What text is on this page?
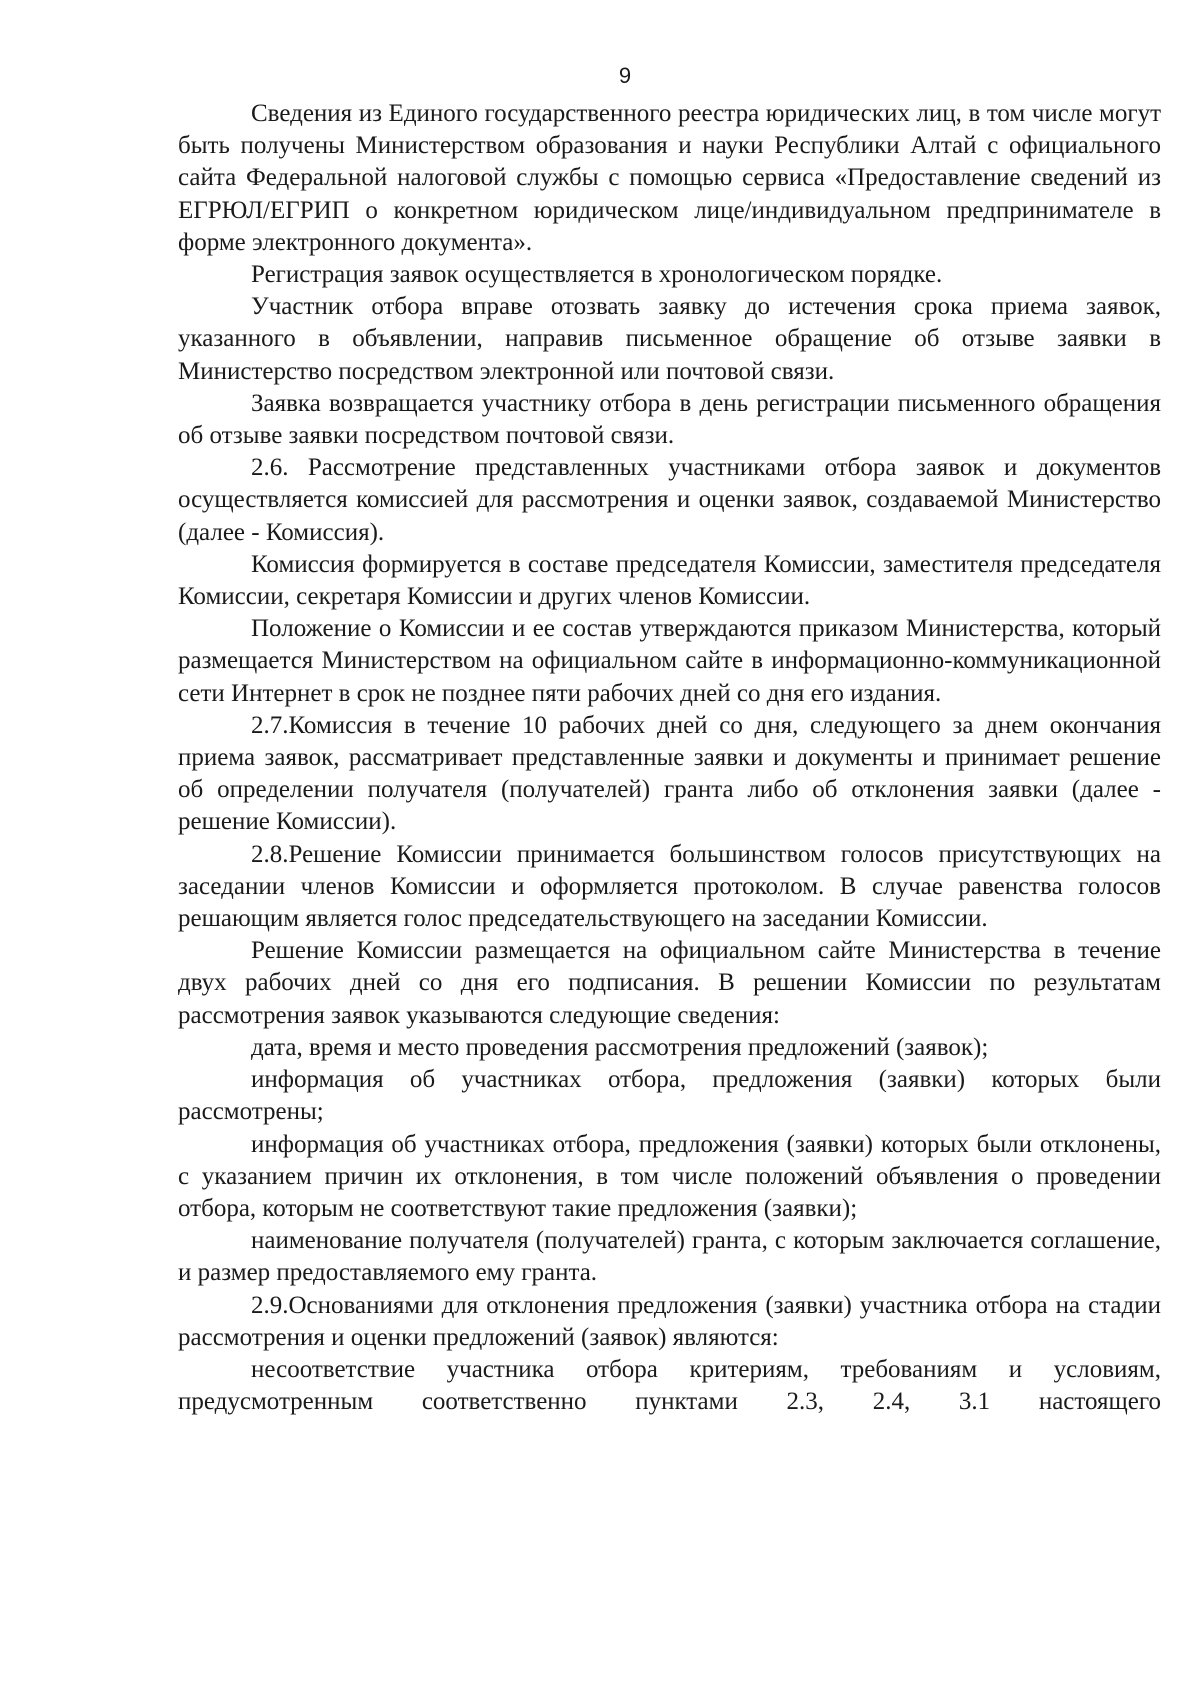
9

Сведения из Единого государственного реестра юридических лиц, в том числе могут быть получены Министерством образования и науки Республики Алтай с официального сайта Федеральной налоговой службы с помощью сервиса «Предоставление сведений из ЕГРЮЛ/ЕГРИП о конкретном юридическом лице/индивидуальном предпринимателе в форме электронного документа».

Регистрация заявок осуществляется в хронологическом порядке.

Участник отбора вправе отозвать заявку до истечения срока приема заявок, указанного в объявлении, направив письменное обращение об отзыве заявки в Министерство посредством электронной или почтовой связи.

Заявка возвращается участнику отбора в день регистрации письменного обращения об отзыве заявки посредством почтовой связи.

2.6. Рассмотрение представленных участниками отбора заявок и документов осуществляется комиссией для рассмотрения и оценки заявок, создаваемой Министерство (далее - Комиссия).

Комиссия формируется в составе председателя Комиссии, заместителя председателя Комиссии, секретаря Комиссии и других членов Комиссии.

Положение о Комиссии и ее состав утверждаются приказом Министерства, который размещается Министерством на официальном сайте в информационно-коммуникационной сети Интернет в срок не позднее пяти рабочих дней со дня его издания.

2.7.Комиссия в течение 10 рабочих дней со дня, следующего за днем окончания приема заявок, рассматривает представленные заявки и документы и принимает решение об определении получателя (получателей) гранта либо об отклонения заявки (далее - решение Комиссии).

2.8.Решение Комиссии принимается большинством голосов присутствующих на заседании членов Комиссии и оформляется протоколом. В случае равенства голосов решающим является голос председательствующего на заседании Комиссии.

Решение Комиссии размещается на официальном сайте Министерства в течение двух рабочих дней со дня его подписания. В решении Комиссии по результатам рассмотрения заявок указываются следующие сведения:

дата, время и место проведения рассмотрения предложений (заявок);

информация об участниках отбора, предложения (заявки) которых были рассмотрены;

информация об участниках отбора, предложения (заявки) которых были отклонены, с указанием причин их отклонения, в том числе положений объявления о проведении отбора, которым не соответствуют такие предложения (заявки);

наименование получателя (получателей) гранта, с которым заключается соглашение, и размер предоставляемого ему гранта.

2.9.Основаниями для отклонения предложения (заявки) участника отбора на стадии рассмотрения и оценки предложений (заявок) являются:

несоответствие участника отбора критериям, требованиям и условиям, предусмотренным соответственно пунктами 2.3, 2.4, 3.1 настоящего
